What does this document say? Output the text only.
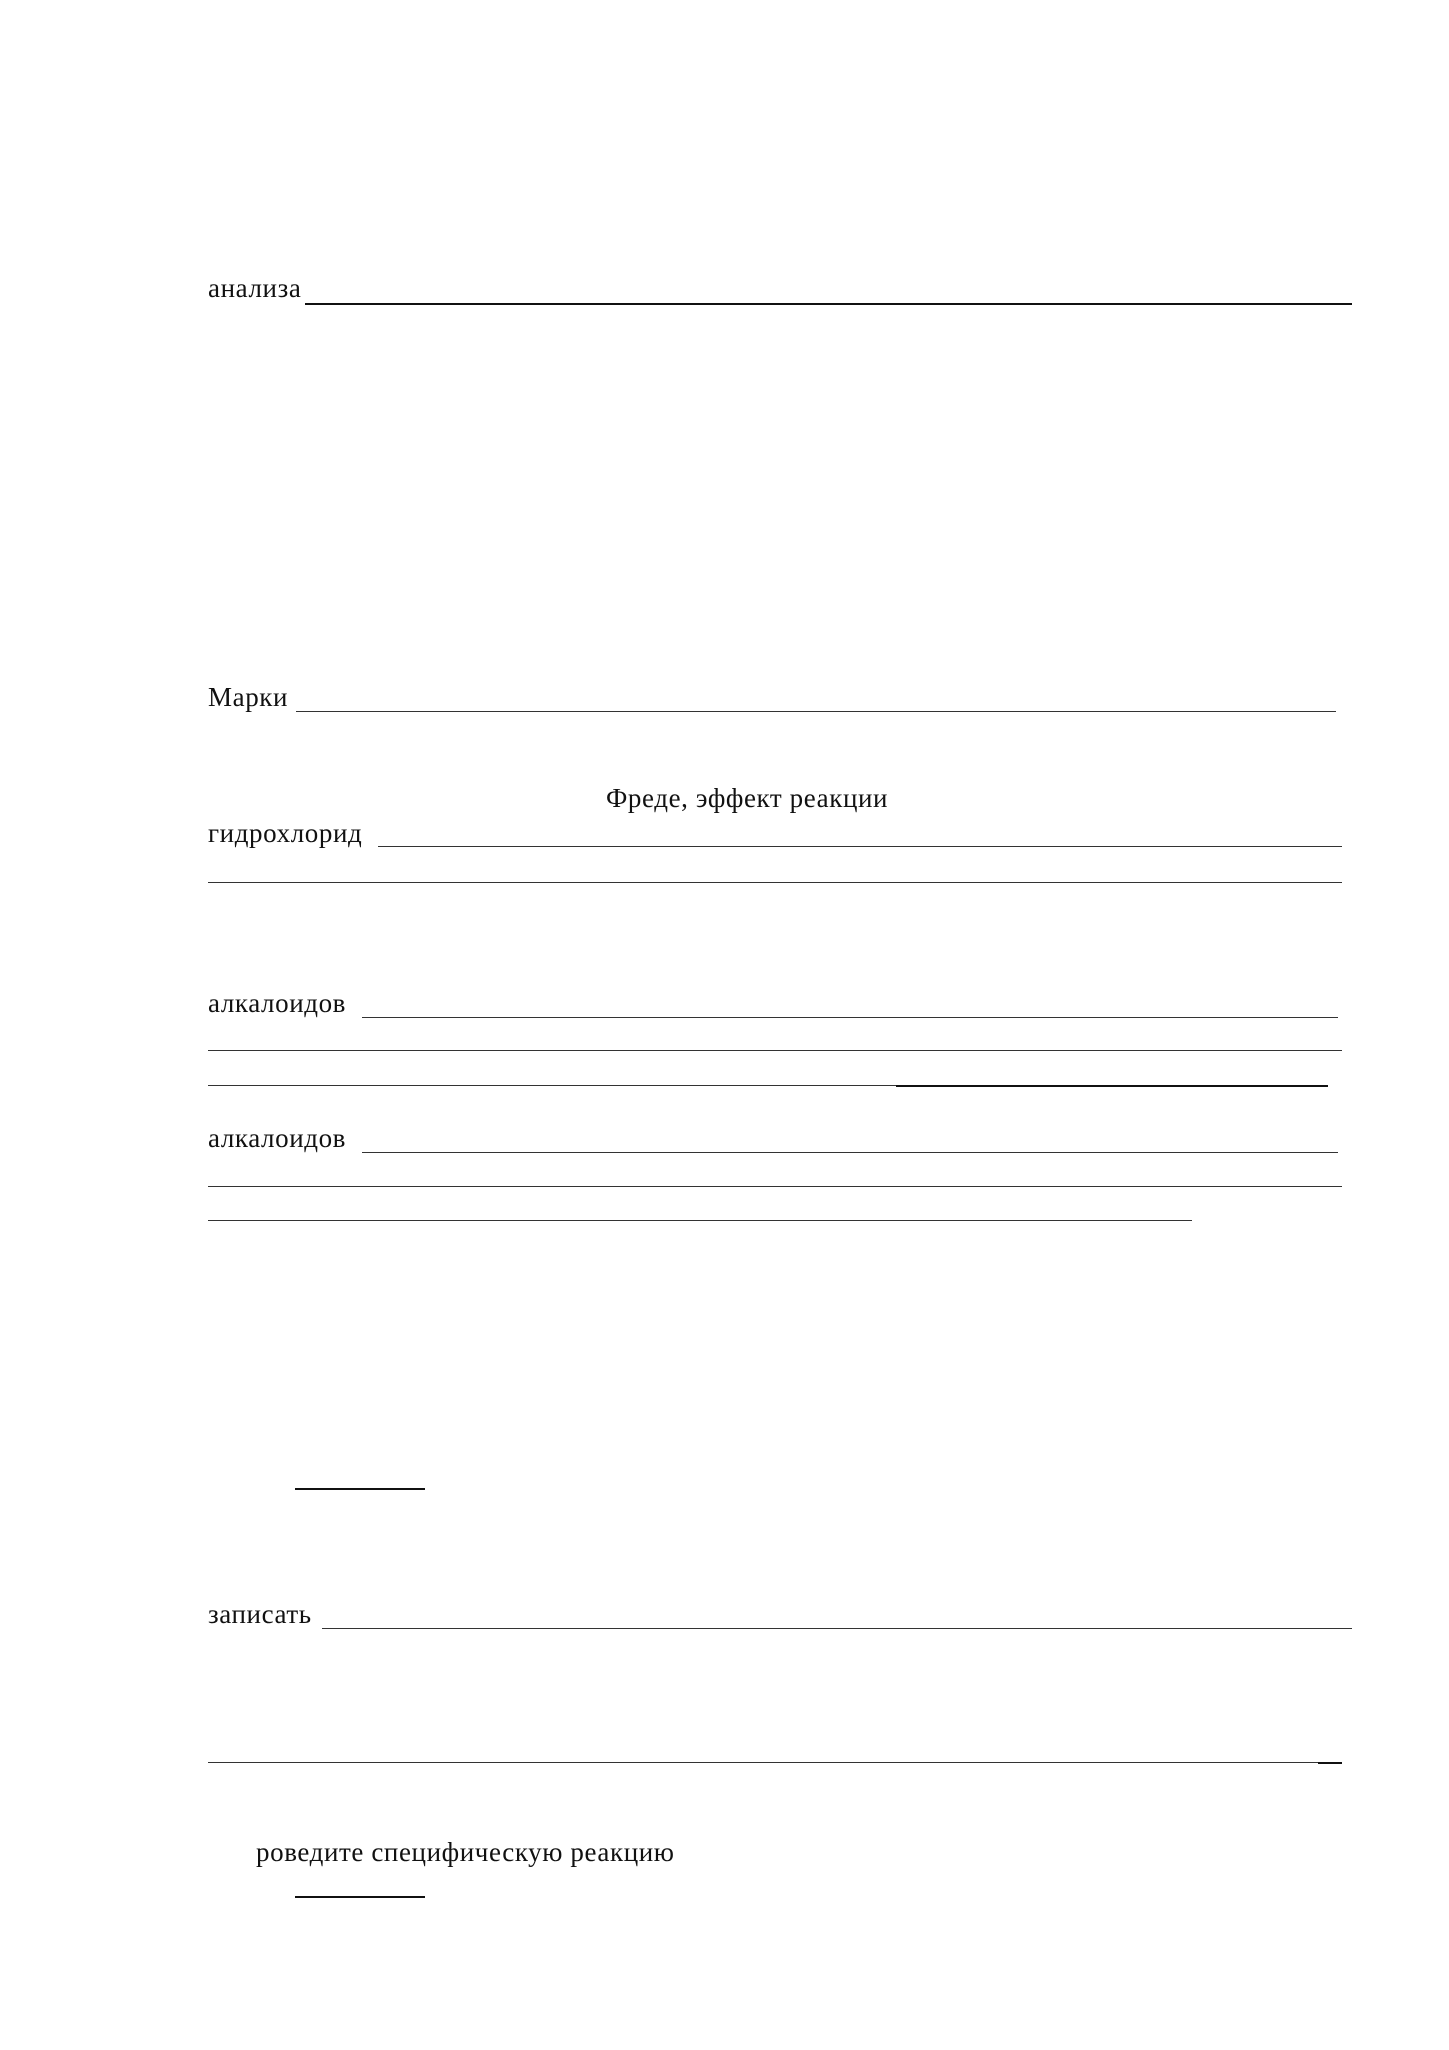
анализа
Марки
Фреде, эффект реакции
гидрохлорид
алкалоидов
алкалоидов
записать
роведите специфическую реакцию
